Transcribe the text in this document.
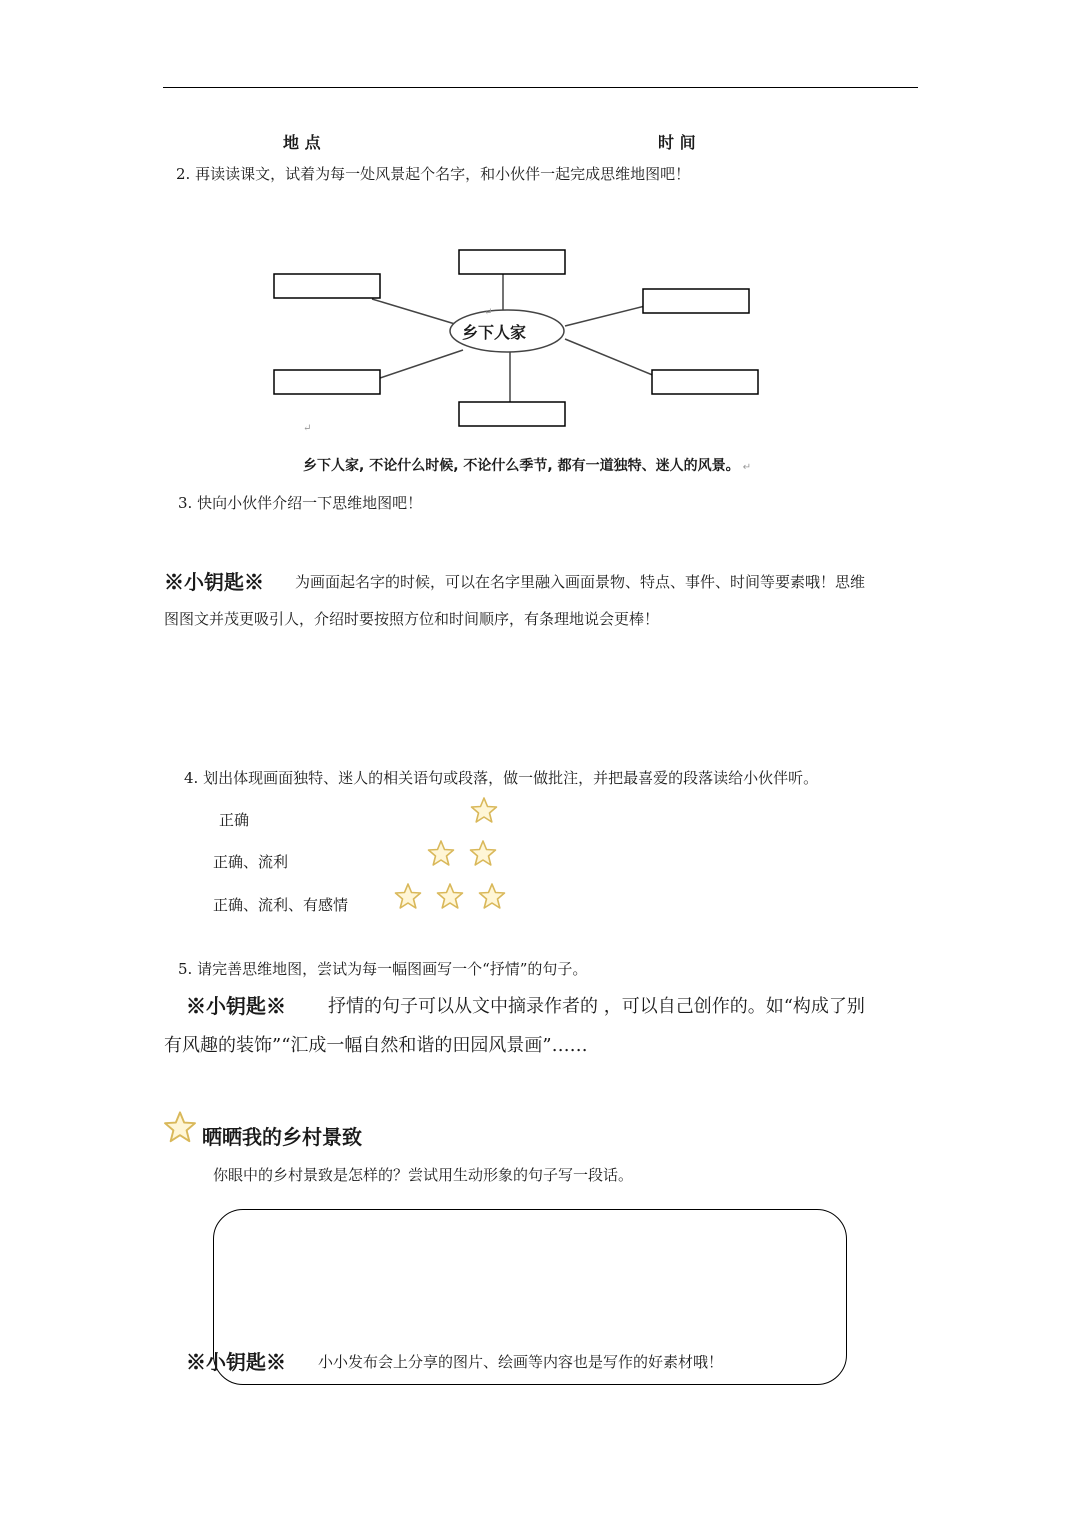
地 点	时 间
2. 再读读课文，试着为每一处风景起个名字，和小伙伴一起完成思维地图吧！
↵
↵
乡下人家
乡下人家, 不论什么时候, 不论什么季节, 都有一道独特、迷人的风景。 ↵
3. 快向小伙伴介绍一下思维地图吧！
※小钥匙※ 为画面起名字的时候，可以在名字里融入画面景物、特点、事件、时间等要素哦！思维
图图文并茂更吸引人，介绍时要按照方位和时间顺序，有条理地说会更棒！
4. 划出体现画面独特、迷人的相关语句或段落，做一做批注，并把最喜爱的段落读给小伙伴听。
正确
正确、流利
正确、流利、有感情
5. 请完善思维地图，尝试为每一幅图画写一个“抒情”的句子。
※小钥匙※ 抒情的句子可以从文中摘录作者的 ，可以自己创作的。如“构成了别
有风趣的装饰”“汇成一幅自然和谐的田园风景画”……
晒晒我的乡村景致
你眼中的乡村景致是怎样的？尝试用生动形象的句子写一段话。
※小钥匙※ 小小发布会上分享的图片、绘画等内容也是写作的好素材哦！
